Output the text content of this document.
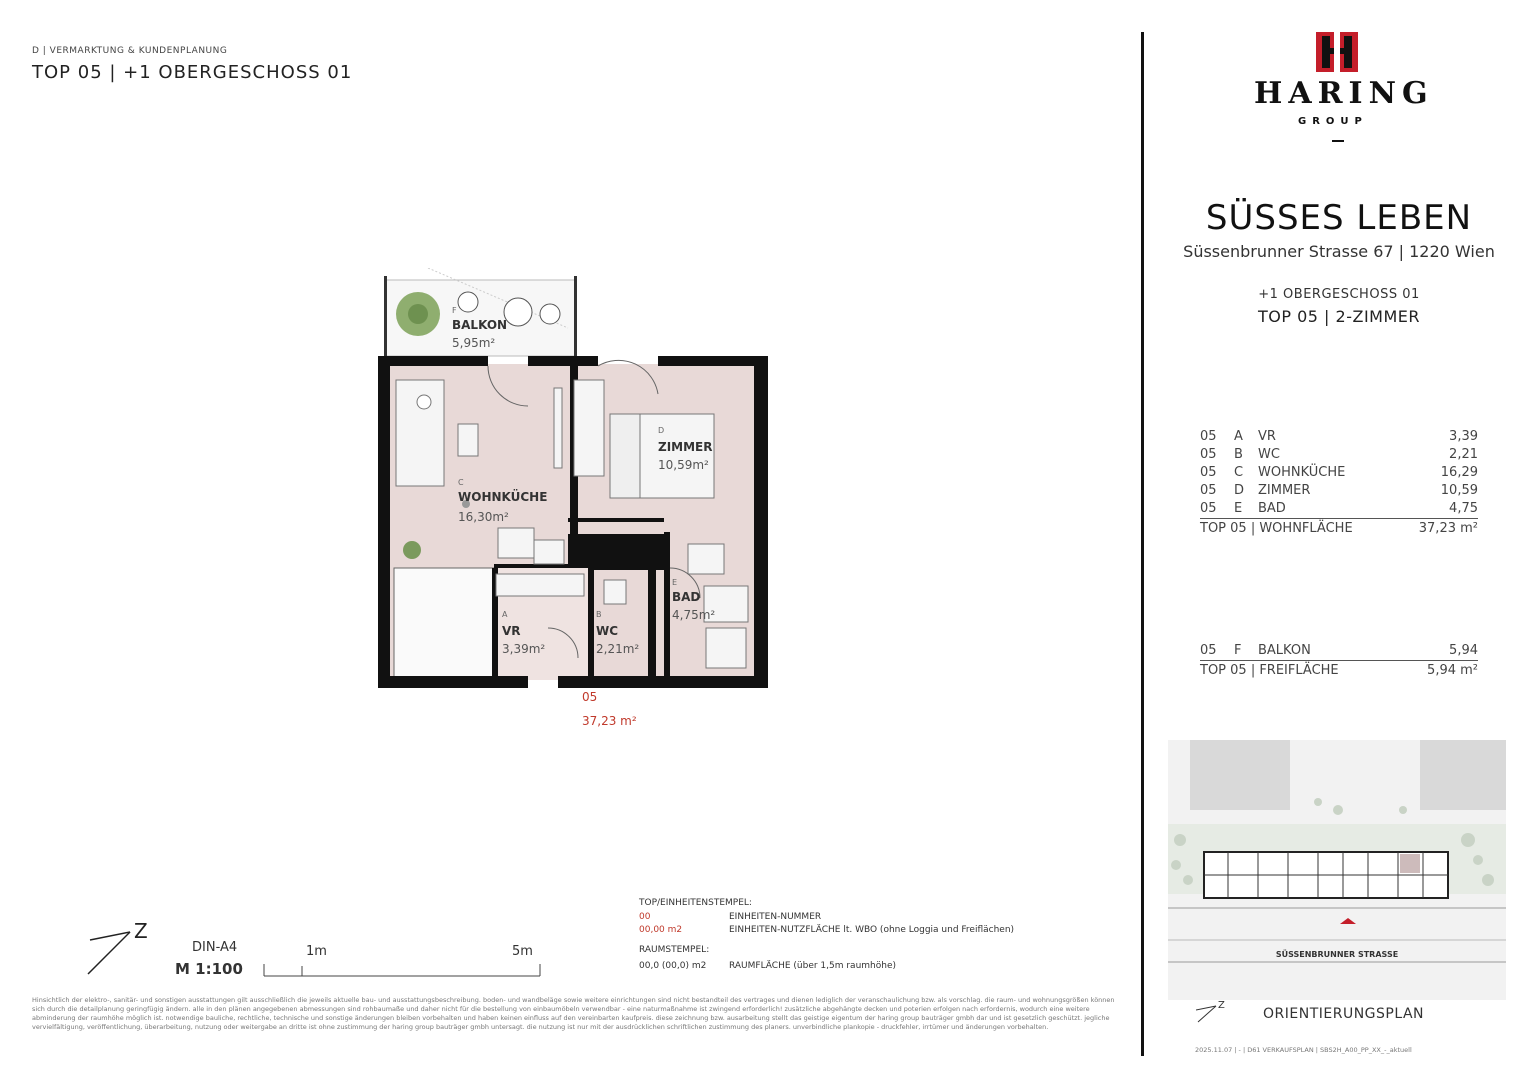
D | VERMARKTUNG & KUNDENPLANUNG
TOP 05 | +1 OBERGESCHOSS 01
HARING
GROUP
SÜSSES LEBEN
Süssenbrunner Strasse 67 | 1220 Wien
+1 OBERGESCHOSS 01
TOP 05 | 2-ZIMMER
05	A	VR	3,39
05	B	WC	2,21
05	C	WOHNKÜCHE	16,29
05	D	ZIMMER	10,59
05	E	BAD	4,75
TOP 05 | WOHNFLÄCHE	37,23 m²
05	F	BALKON	5,94
TOP 05 | FREIFLÄCHE	5,94 m²
SÜSSENBRUNNER STRASSE
Z
ORIENTIERUNGSPLAN
2025.11.07 | - | D61 VERKAUFSPLAN | SBS2H_A00_PP_XX_-_aktuell
F
BALKON
5,95m²
C
WOHNKÜCHE
16,30m²
D
ZIMMER
10,59m²
E
BAD
4,75m²
A
VR
3,39m²
B
WC
2,21m²
05
37,23 m²
Z
DIN-A4
M 1:100
1m	5m
TOP/EINHEITENSTEMPEL:
00	EINHEITEN-NUMMER
00,00 m2	EINHEITEN-NUTZFLÄCHE lt. WBO (ohne Loggia und Freiflächen)
RAUMSTEMPEL:
00,0 (00,0) m2	RAUMFLÄCHE (über 1,5m raumhöhe)
Hinsichtlich der elektro-, sanitär- und sonstigen ausstattungen gilt ausschließlich die jeweils aktuelle bau- und ausstattungsbeschreibung. boden- und wandbeläge sowie weitere einrichtungen sind nicht bestandteil des vertrages und dienen lediglich der veranschaulichung bzw. als vorschlag. die raum- und wohnungsgrößen können sich durch die detailplanung geringfügig ändern. alle in den plänen angegebenen abmessungen sind rohbaumaße und daher nicht für die bestellung von einbaumöbeln verwendbar - eine naturmaßnahme ist zwingend erforderlich! zusätzliche abgehängte decken und poterien erfolgen nach erfordernis, wodurch eine weitere abminderung der raumhöhe möglich ist. notwendige bauliche, rechtliche, technische und sonstige änderungen bleiben vorbehalten und haben keinen einfluss auf den vereinbarten kaufpreis. diese zeichnung bzw. ausarbeitung stellt das geistige eigentum der haring group bauträger gmbh dar und ist gesetzlich geschützt. jegliche vervielfältigung, veröffentlichung, überarbeitung, nutzung oder weitergabe an dritte ist ohne zustimmung der haring group bauträger gmbh untersagt. die nutzung ist nur mit der ausdrücklichen schriftlichen zustimmung des planers. unverbindliche plankopie - druckfehler, irrtümer und änderungen vorbehalten.
